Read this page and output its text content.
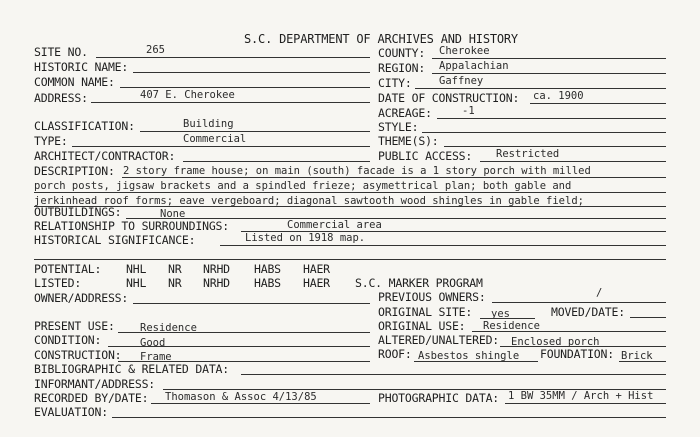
S.C. DEPARTMENT OF ARCHIVES AND HISTORY
SITE NO.	265
HISTORIC NAME:
COMMON NAME:
ADDRESS:	407 E. Cherokee
CLASSIFICATION:	Building
TYPE:	Commercial
ARCHITECT/CONTRACTOR:
COUNTY: Cherokee
REGION: Appalachian
CITY:	Gaffney
DATE OF CONSTRUCTION: ca. 1900
ACREAGE:	-1
STYLE:
THEME(S):
PUBLIC ACCESS: Restricted
DESCRIPTION: 2 story frame house; on main (south) facade is a 1 story porch with milled
porch posts, jigsaw brackets and a spindled frieze; asymettrical plan; both gable and
jerkinhead roof forms; eave vergeboard; diagonal sawtooth wood shingles in gable field;
OUTBUILDINGS:	None
RELATIONSHIP TO SURROUNDINGS:	Commercial area
HISTORICAL SIGNIFICANCE:	Listed on 1918 map.
POTENTIAL: NHL NR NRHD HABS HAER
LISTED:	NHL NR NRHD HABS HAER S.C. MARKER PROGRAM
OWNER/ADDRESS:	PREVIOUS OWNERS:	/
ORIGINAL SITE: yes	MOVED/DATE:
PRESENT USE: Residence	ORIGINAL USE: Residence
CONDITION:	Good	ALTERED/UNALTERED: Enclosed porch
CONSTRUCTION: Frame	ROOF: Asbestos shingle FOUNDATION: Brick
BIBLIOGRAPHIC & RELATED DATA:
INFORMANT/ADDRESS:
RECORDED BY/DATE: Thomason & Assoc 4/13/85	PHOTOGRAPHIC DATA: 1 BW 35MM / Arch + Hist
EVALUATION:
